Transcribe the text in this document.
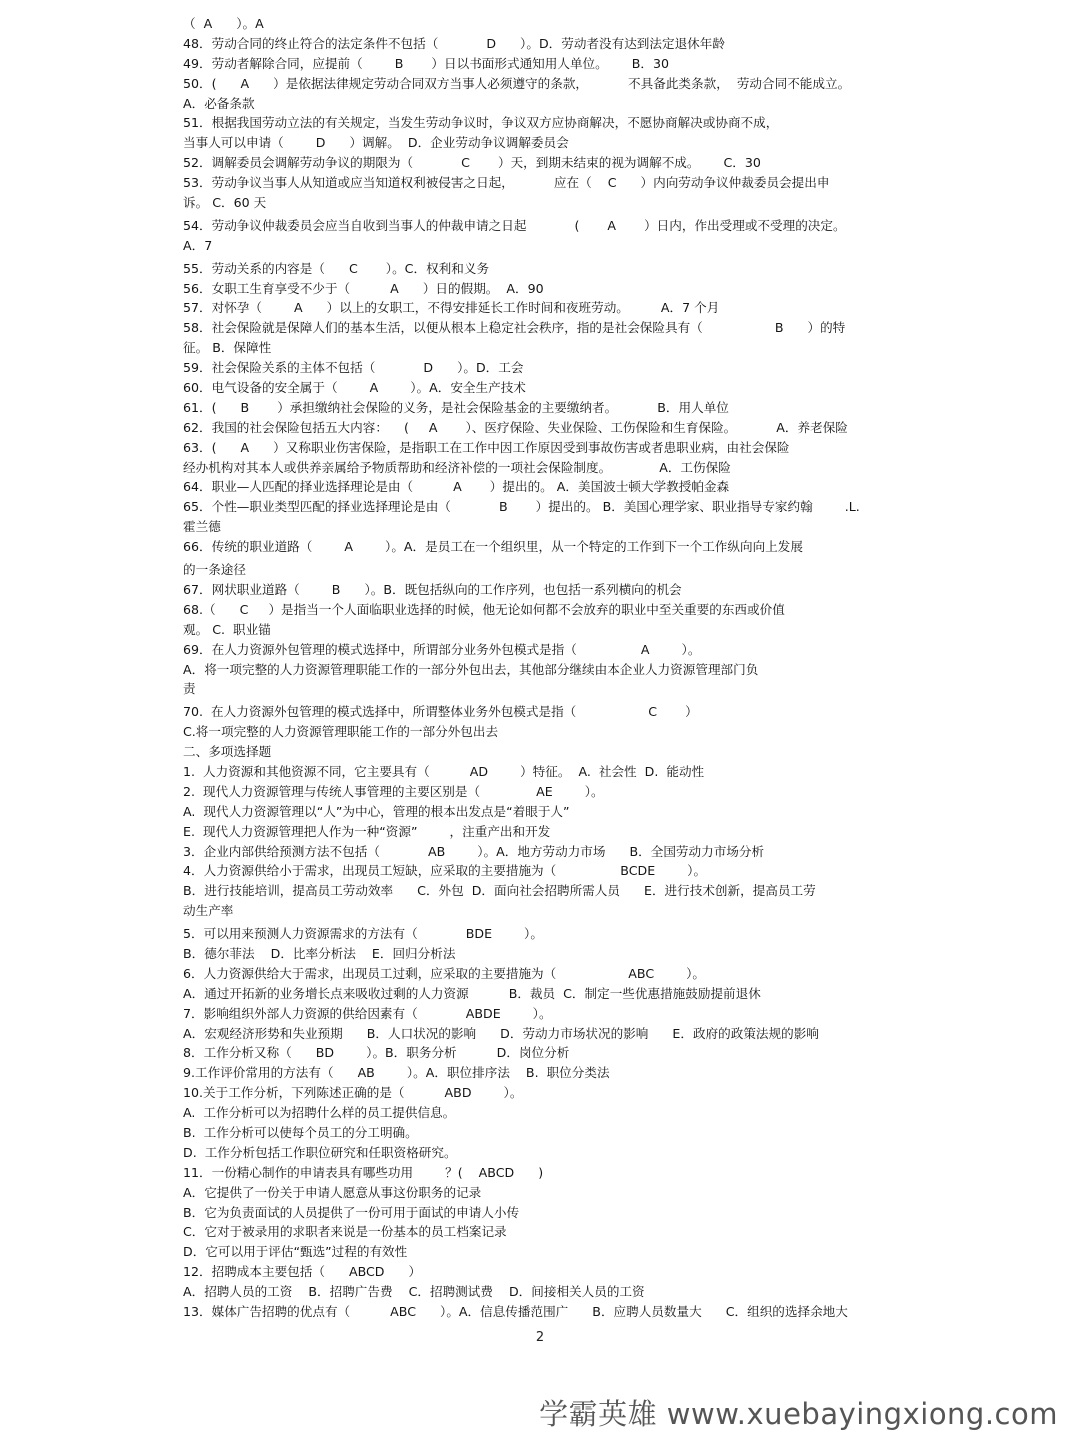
（  A      ）。A
48．劳动合同的终止符合的法定条件不包括（            D      ）。D．劳动者没有达到法定退休年龄
49．劳动者解除合同，应提前（        B       ）日以书面形式通知用人单位。      B．30
50．(      A      ）是依据法律规定劳动合同双方当事人必须遵守的条款，          不具备此类条款，  劳动合同不能成立。
A．必备条款
51．根据我国劳动立法的有关规定，当发生劳动争议时，争议双方应协商解决，不愿协商解决或协商不成，
当事人可以申请（        D      ）调解。  D．企业劳动争议调解委员会
52．调解委员会调解劳动争议的期限为（            C       ）天，到期未结束的视为调解不成。      C．30
53．劳动争议当事人从知道或应当知道权利被侵害之日起，          应在（    C      ）内向劳动争议仲裁委员会提出申
诉。 C．60 天
54．劳动争议仲裁委员会应当自收到当事人的仲裁申请之日起            (       A       ）日内，作出受理或不受理的决定。
A．7
55．劳动关系的内容是（      C       ）。C．权利和义务
56．女职工生育享受不少于（          A      ）日的假期。  A．90
57．对怀孕（        A      ）以上的女职工，不得安排延长工作时间和夜班劳动。        A．7 个月
58．社会保险就是保障人们的基本生活，以便从根本上稳定社会秩序，指的是社会保险具有（                  B      ）的特
征。 B．保障性
59．社会保险关系的主体不包括（            D      ）。D．工会
60．电气设备的安全属于（        A        ）。A．安全生产技术
61．(      B       ）承担缴纳社会保险的义务，是社会保险基金的主要缴纳者。          B．用人单位
62．我国的社会保险包括五大内容：    (     A       ）、医疗保险、失业保险、工伤保险和生育保险。          A．养老保险
63．(      A      ）又称职业伤害保险，是指职工在工作中因工作原因受到事故伤害或者患职业病，由社会保险
经办机构对其本人或供养亲属给予物质帮助和经济补偿的一项社会保险制度。            A．工伤保险
64．职业—人匹配的择业选择理论是由（          A       ）提出的。 A．美国波士顿大学教授帕金森
65．个性—职业类型匹配的择业选择理论是由（            B       ）提出的。 B．美国心理学家、职业指导专家约翰        .L.
霍兰德
66．传统的职业道路（        A        ）。A．是员工在一个组织里，从一个特定的工作到下一个工作纵向向上发展
的一条途径
67．网状职业道路（        B      ）。B．既包括纵向的工作序列，也包括一系列横向的机会
68.（      C     ）是指当一个人面临职业选择的时候，他无论如何都不会放弃的职业中至关重要的东西或价值
观。 C.  职业锚
69．在人力资源外包管理的模式选择中，所谓部分业务外包模式是指（                A        ）。
A．将一项完整的人力资源管理职能工作的一部分外包出去，其他部分继续由本企业人力资源管理部门负
责
70.  在人力资源外包管理的模式选择中，所谓整体业务外包模式是指（                  C       ）
C.将一项完整的人力资源管理职能工作的一部分外包出去
二、多项选择题
1.  人力资源和其他资源不同，它主要具有（          AD        ）特征。  A.  社会性  D.  能动性
2.  现代人力资源管理与传统人事管理的主要区别是（              AE        ）。
A.  现代人力资源管理以“人”为中心，管理的根本出发点是“着眼于人”
E.  现代人力资源管理把人作为一种“资源”        ，注重产出和开发
3．企业内部供给预测方法不包括（            AB        ）。A．地方劳动力市场      B．全国劳动力市场分析
4．人力资源供给小于需求，出现员工短缺，应采取的主要措施为（                BCDE        ）。
B．进行技能培训，提高员工劳动效率      C．外包  D．面向社会招聘所需人员      E．进行技术创新，提高员工劳
动生产率
5．可以用来预测人力资源需求的方法有（            BDE        ）。
B．德尔菲法    D．比率分析法    E．回归分析法
6．人力资源供给大于需求，出现员工过剩，应采取的主要措施为（                  ABC        ）。
A．通过开拓新的业务增长点来吸收过剩的人力资源          B．裁员  C．制定一些优惠措施鼓励提前退休
7．影响组织外部人力资源的供给因素有（            ABDE        ）。
A．宏观经济形势和失业预期      B．人口状况的影响      D．劳动力市场状况的影响      E．政府的政策法规的影响
8．工作分析又称（      BD        ）。B．职务分析          D．岗位分析
9.工作评价常用的方法有（      AB        ）。A．职位排序法    B.  职位分类法
10.关于工作分析，下列陈述正确的是（          ABD        ）。
A.  工作分析可以为招聘什么样的员工提供信息。
B.  工作分析可以使每个员工的分工明确。
D.  工作分析包括工作职位研究和任职资格研究。
11．一份精心制作的申请表具有哪些功用        ？(    ABCD      )
A．它提供了一份关于申请人愿意从事这份职务的记录
B．它为负责面试的人员提供了一份可用于面试的申请人小传
C．它对于被录用的求职者来说是一份基本的员工档案记录
D．它可以用于评估“甄选”过程的有效性
12．招聘成本主要包括（      ABCD      ）
A．招聘人员的工资    B．招聘广告费    C．招聘测试费    D．间接相关人员的工资
13．媒体广告招聘的优点有（          ABC      ）。A．信息传播范围广      B．应聘人员数量大      C．组织的选择余地大
2
学霸英雄 www.xuebayingxiong.com
